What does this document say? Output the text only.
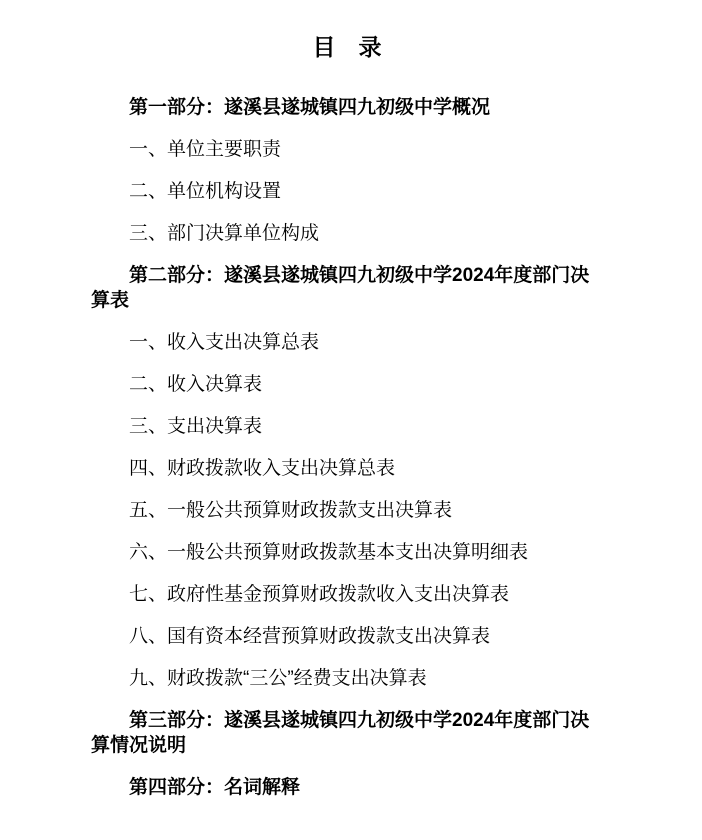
目　录

第一部分：遂溪县遂城镇四九初级中学概况

一、单位主要职责

二、单位机构设置

三、部门决算单位构成

第二部分：遂溪县遂城镇四九初级中学2024年度部门决算表

一、收入支出决算总表

二、收入决算表

三、支出决算表

四、财政拨款收入支出决算总表

五、一般公共预算财政拨款支出决算表

六、一般公共预算财政拨款基本支出决算明细表

七、政府性基金预算财政拨款收入支出决算表

八、国有资本经营预算财政拨款支出决算表

九、财政拨款“三公”经费支出决算表

第三部分：遂溪县遂城镇四九初级中学2024年度部门决算情况说明

第四部分：名词解释
